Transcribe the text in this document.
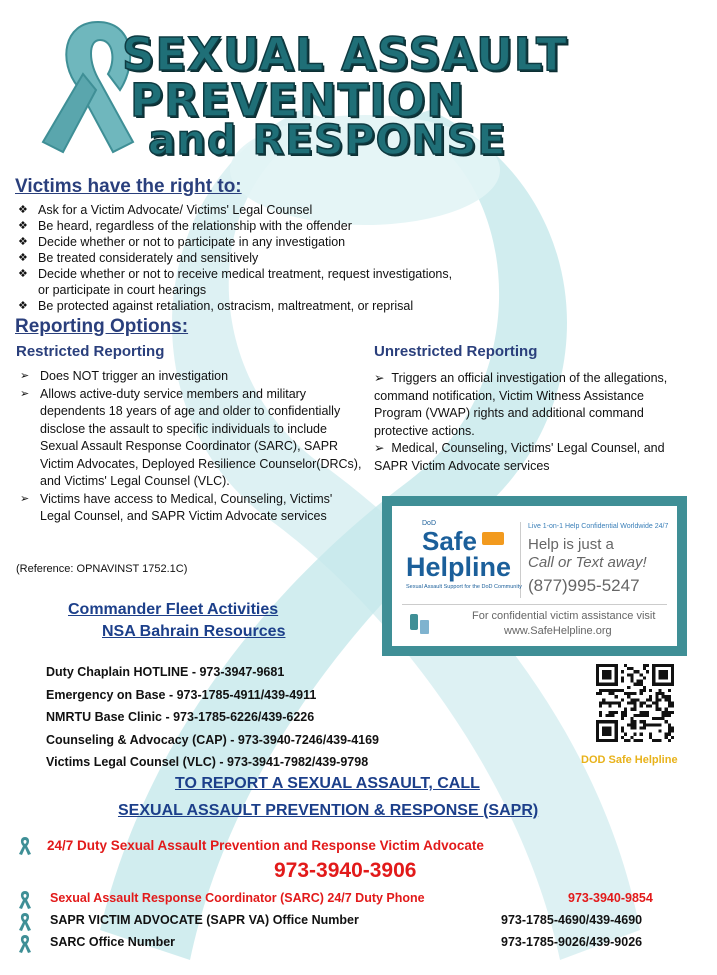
SEXUAL ASSAULT
PREVENTION
and RESPONSE
Victims have the right to:
❖ Ask for a Victim Advocate/ Victims' Legal Counsel
❖ Be heard, regardless of the relationship with the offender
❖ Decide whether or not to participate in any investigation
❖ Be treated considerately and sensitively
❖ Decide whether or not to receive medical treatment, request investigations,
or participate in court hearings
❖ Be protected against retaliation, ostracism, maltreatment, or reprisal
Reporting Options:
Restricted Reporting	Unrestricted Reporting
➢ Does NOT trigger an investigation
➢ Allows active-duty service members and military dependents 18 years of age and older to confidentially disclose the assault to specific individuals to include Sexual Assault Response Coordinator (SARC), SAPR Victim Advocates, Deployed Resilience Counselor(DRCs), and Victims' Legal Counsel (VLC).
➢ Victims have access to Medical, Counseling, Victims' Legal Counsel, and SAPR Victim Advocate services
(Reference: OPNAVINST 1752.1C)

➢  Triggers an official investigation of the allegations, command notification, Victim Witness Assistance Program (VWAP) rights and additional command protective actions.

➢  Medical, Counseling, Victims' Legal Counsel, and SAPR Victim Advocate services

DoD
Safe
Helpline
Sexual Assault Support for the DoD Community
Live 1-on-1 Help Confidential Worldwide 24/7
Help is just a
Call or Text away!
(877)995-5247
For confidential victim assistance visit
www.SafeHelpline.org
Commander Fleet Activities
NSA Bahrain Resources
Duty Chaplain HOTLINE - 973-3947-9681
Emergency on Base - 973-1785-4911/439-4911
NMRTU Base Clinic - 973-1785-6226/439-6226
Counseling & Advocacy (CAP) - 973-3940-7246/439-4169
Victims Legal Counsel (VLC) - 973-3941-7982/439-9798	DOD Safe Helpline
TO REPORT A SEXUAL ASSAULT, CALL
SEXUAL ASSAULT PREVENTION & RESPONSE (SAPR)
24/7 Duty Sexual Assault Prevention and Response Victim Advocate
973-3940-3906
Sexual Assault Response Coordinator (SARC) 24/7 Duty Phone	973-3940-9854
SAPR VICTIM ADVOCATE (SAPR VA) Office Number	973-1785-4690/439-4690
SARC Office Number	973-1785-9026/439-9026
